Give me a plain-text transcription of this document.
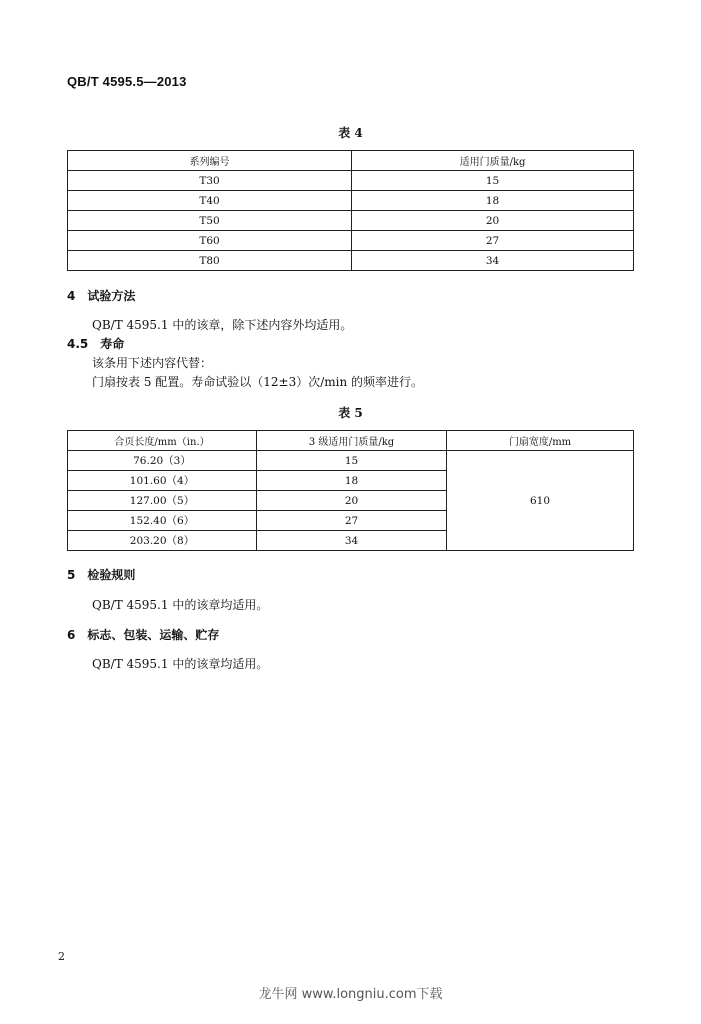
QB/T 4595.5—2013
表 4
系列编号	适用门质量/kg
T30	15
T40	18
T50	20
T60	27
T80	34
4　试验方法
QB/T 4595.1 中的该章，除下述内容外均适用。
4.5　寿命
该条用下述内容代替：
门扇按表 5 配置。寿命试验以（12±3）次/min 的频率进行。
表 5
合页长度/mm（in.）	3 级适用门质量/kg	门扇宽度/mm
76.20（3）	15	610
101.60（4）	18	
127.00（5）	20	
152.40（6）	27	
203.20（8）	34	
5　检验规则
QB/T 4595.1 中的该章均适用。
6　标志、包装、运输、贮存
QB/T 4595.1 中的该章均适用。
2
龙牛网 www.longniu.com下载
